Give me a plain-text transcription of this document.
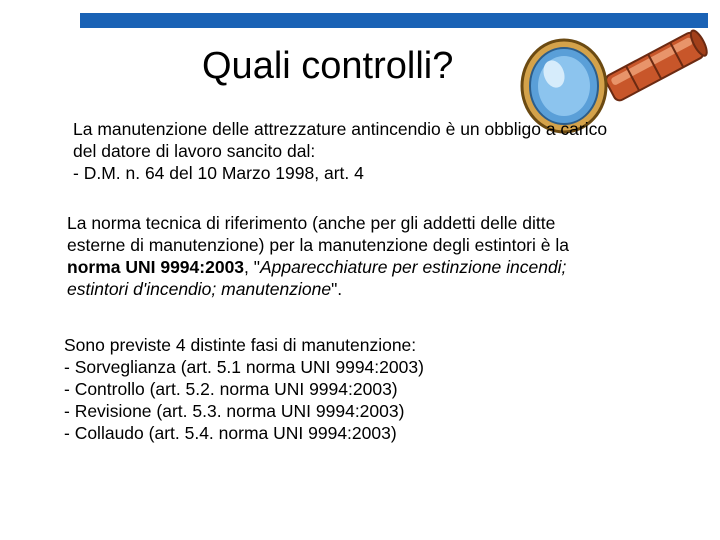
Quali controlli?
La manutenzione delle attrezzature antincendio è un obbligo a carico
del datore di lavoro sancito dal:
- D.M. n. 64 del 10 Marzo 1998, art. 4
La norma tecnica di riferimento (anche per gli addetti delle ditte
esterne di manutenzione) per la manutenzione degli estintori è la
norma UNI 9994:2003, "Apparecchiature per estinzione incendi;
estintori d'incendio; manutenzione".
Sono previste 4 distinte fasi di manutenzione:
- Sorveglianza (art. 5.1 norma UNI 9994:2003)
- Controllo (art. 5.2. norma UNI 9994:2003)
- Revisione (art. 5.3. norma UNI 9994:2003)
- Collaudo (art. 5.4. norma UNI 9994:2003)
